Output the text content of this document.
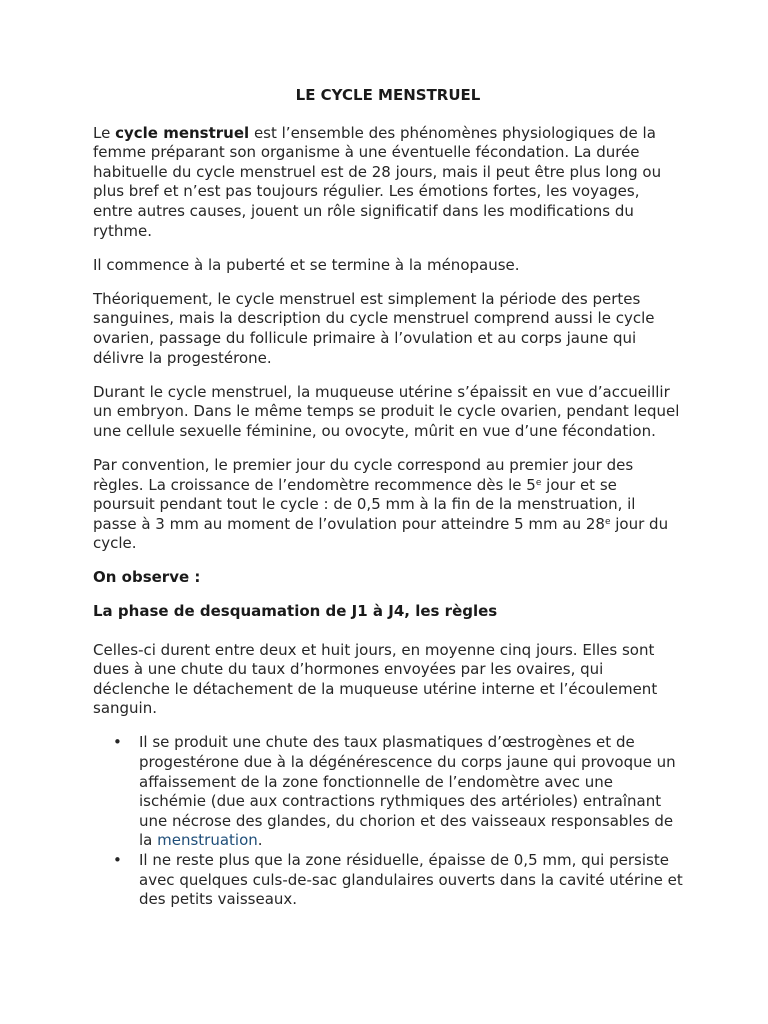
LE CYCLE MENSTRUEL

Le cycle menstruel est l’ensemble des phénomènes physiologiques de la femme préparant son organisme à une éventuelle fécondation. La durée habituelle du cycle menstruel est de 28 jours, mais il peut être plus long ou plus bref et n’est pas toujours régulier. Les émotions fortes, les voyages, entre autres causes, jouent un rôle significatif dans les modifications du rythme.

Il commence à la puberté et se termine à la ménopause.

Théoriquement, le cycle menstruel est simplement la période des pertes sanguines, mais la description du cycle menstruel comprend aussi le cycle ovarien, passage du follicule primaire à l’ovulation et au corps jaune qui délivre la progestérone.

Durant le cycle menstruel, la muqueuse utérine s’épaissit en vue d’accueillir un embryon. Dans le même temps se produit le cycle ovarien, pendant lequel une cellule sexuelle féminine, ou ovocyte, mûrit en vue d’une fécondation.

Par convention, le premier jour du cycle correspond au premier jour des règles. La croissance de l’endomètre recommence dès le 5e jour et se poursuit pendant tout le cycle : de 0,5 mm à la fin de la menstruation, il passe à 3 mm au moment de l’ovulation pour atteindre 5 mm au 28e jour du cycle.

On observe :
La phase de desquamation de J1 à J4, les règles

Celles-ci durent entre deux et huit jours, en moyenne cinq jours. Elles sont dues à une chute du taux d’hormones envoyées par les ovaires, qui déclenche le détachement de la muqueuse utérine interne et l’écoulement sanguin.

• Il se produit une chute des taux plasmatiques d’œstrogènes et de progestérone due à la dégénérescence du corps jaune qui provoque un affaissement de la zone fonctionnelle de l’endomètre avec une ischémie (due aux contractions rythmiques des artérioles) entraînant une nécrose des glandes, du chorion et des vaisseaux responsables de la menstruation.
• Il ne reste plus que la zone résiduelle, épaisse de 0,5 mm, qui persiste avec quelques culs-de-sac glandulaires ouverts dans la cavité utérine et des petits vaisseaux.
